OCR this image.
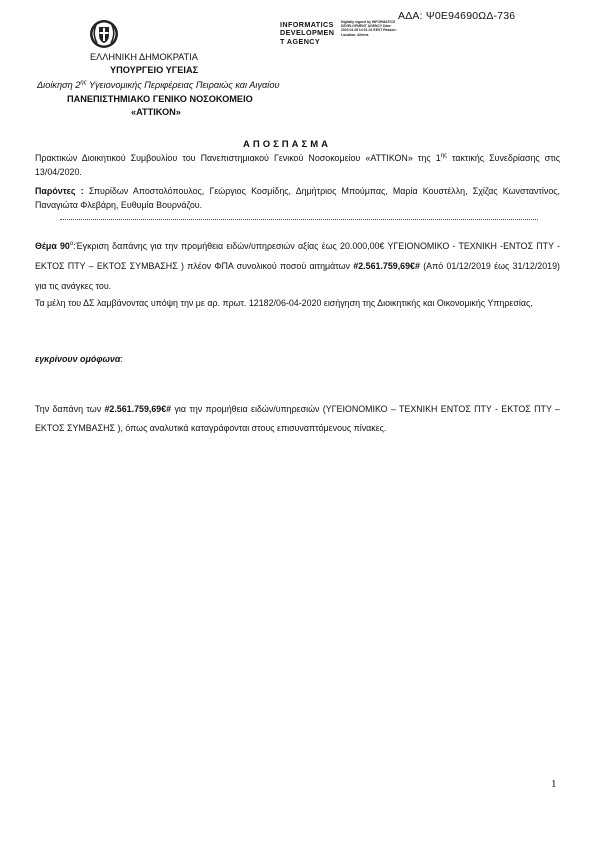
ΑΔΑ: Ψ0Ε94690ΩΔ-736
INFORMATICS
DEVELOPMEN
T AGENCY
Digitally signed by INFORMATICS DEVELOPMENT AGENCY Date: 2020.04.28 14:01:31 EEST Reason: Location: Athens
ΕΛΛΗΝΙΚΗ ΔΗΜΟΚΡΑΤΙΑ
ΥΠΟΥΡΓΕΙΟ ΥΓΕΙΑΣ
Διοίκηση $2^{\eta\varsigma}$ Υγειονομικής Περιφέρειας Πειραιώς και Αιγαίου
ΠΑΝΕΠΙΣΤΗΜΙΑΚΟ ΓΕΝΙΚΟ ΝΟΣΟΚΟΜΕΙΟ
«ΑΤΤΙΚΟΝ»
ΑΠΟΣΠΑΣΜΑ
Πρακτικών Διοικητικού Συμβουλίου του Πανεπιστημιακού Γενικού Νοσοκομείου «ΑΤΤΙΚΟΝ» της $1^{\eta\varsigma}$ τακτικής Συνεδρίασης στις 13/04/2020.
Παρόντες : Σπυρίδων Αποστολόπουλος, Γεώργιος Κοσμίδης, Δημήτριος Μπούμπας, Μαρία Κουστέλλη, Σχίζας Κωνσταντίνος, Παναγιώτα Φλεβάρη, Ευθυμία Βουρνάζου.
Θέμα $90^o:Έ\gamma\kappa\rho\iota\sigma\eta$ δαπάνης για την προμήθεια ειδών/υπηρεσιών αξίας έως 20.000,00€ ΥΓΕΙΟΝΟΜΙΚΟ - ΤΕΧΝΙΚΗ -ΕΝΤΟΣ ΠΤΥ - ΕΚΤΟΣ ΠΤΥ – ΕΚΤΟΣ ΣΥΜΒΑΣΗΣ ) πλέον ΦΠΑ συνολικού ποσού αιτημάτων #2.561.759,69€# (Από 01/12/2019 έως 31/12/2019) για τις ανάγκες του.
Τα μέλη του ΔΣ λαμβάνοντας υπόψη την με αρ. πρωτ. 12182/06-04-2020 εισήγηση της Διοικητικής και Οικονομικής Υπηρεσίας,
εγκρίνουν ομόφωνα:
Την δαπάνη των #2.561.759,69€# για την προμήθεια ειδών/υπηρεσιών (ΥΓΕΙΟΝΟΜΙΚΟ – ΤΕΧΝΙΚΗ ΕΝΤΟΣ ΠΤΥ - ΕΚΤΟΣ ΠΤΥ – ΕΚΤΟΣ ΣΥΜΒΑΣΗΣ ), όπως αναλυτικά καταγράφονται στους επισυναπτόμενους πίνακες.
1
